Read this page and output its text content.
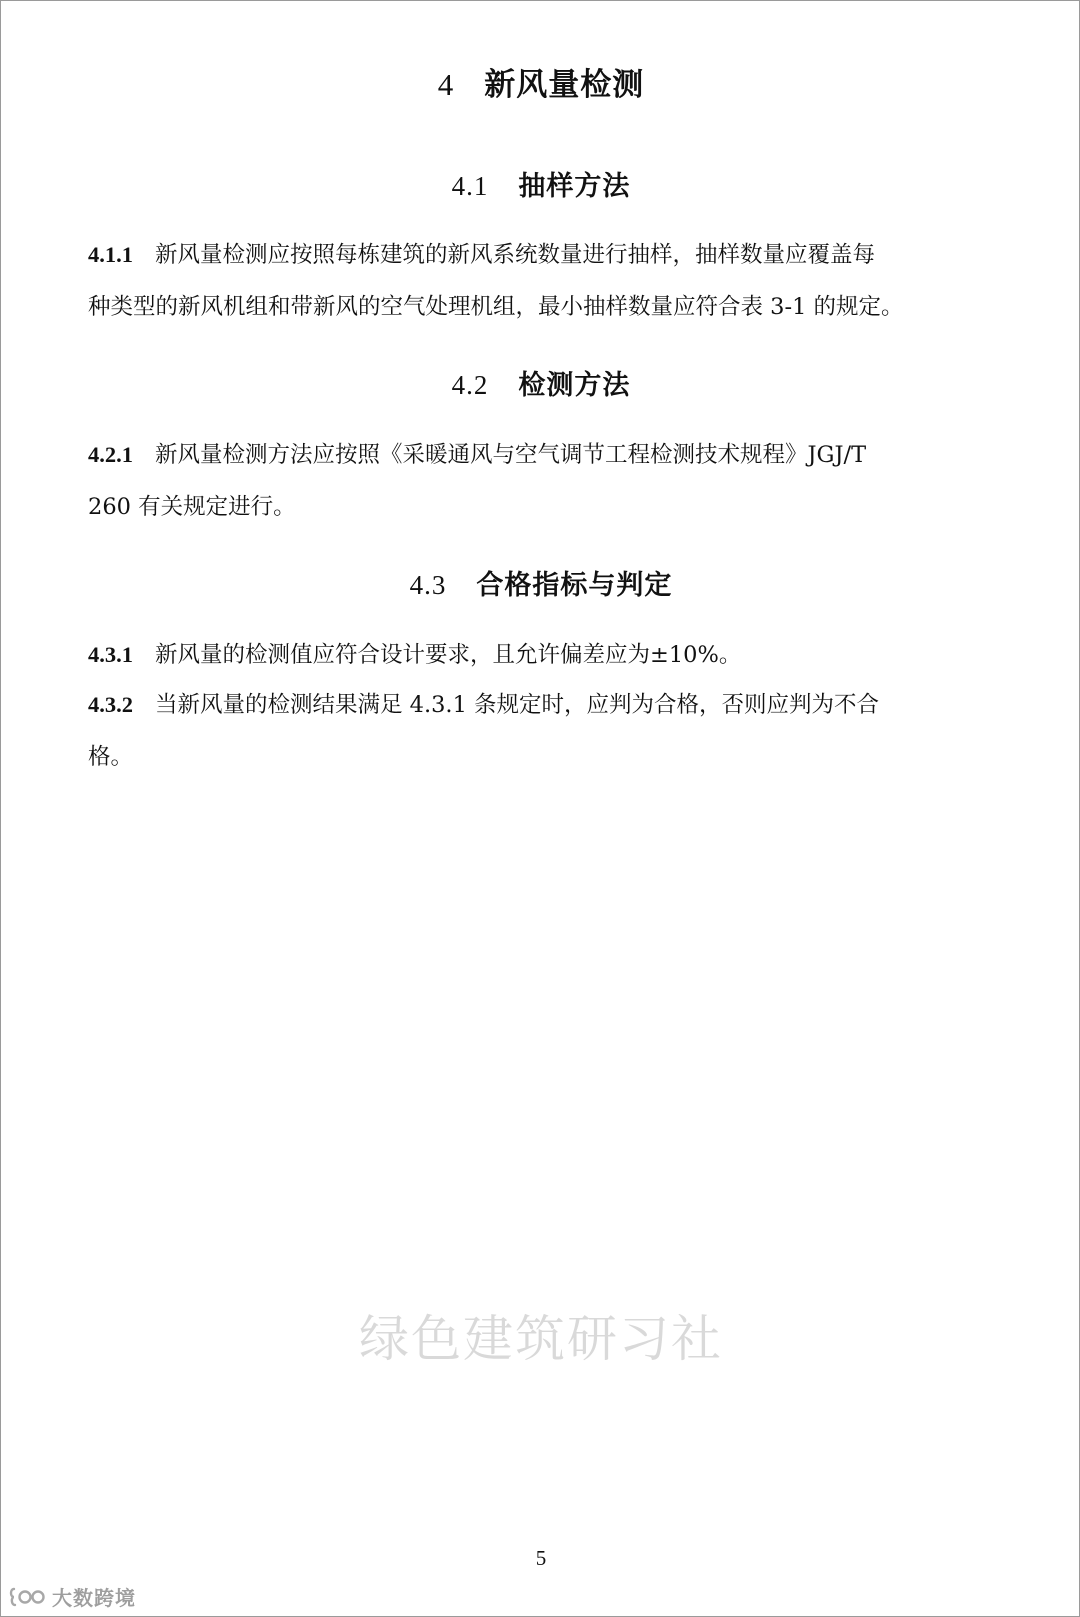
4 新风量检测
4.1 抽样方法
4.1.1 新风量检测应按照每栋建筑的新风系统数量进行抽样，抽样数量应覆盖每
种类型的新风机组和带新风的空气处理机组，最小抽样数量应符合表 3-1 的规定。
4.2 检测方法
4.2.1 新风量检测方法应按照《采暖通风与空气调节工程检测技术规程》JGJ/T
260 有关规定进行。
4.3 合格指标与判定
4.3.1 新风量的检测值应符合设计要求，且允许偏差应为±10%。
4.3.2 当新风量的检测结果满足 4.3.1 条规定时，应判为合格，否则应判为不合
格。
绿色建筑研习社
5
大数跨境
